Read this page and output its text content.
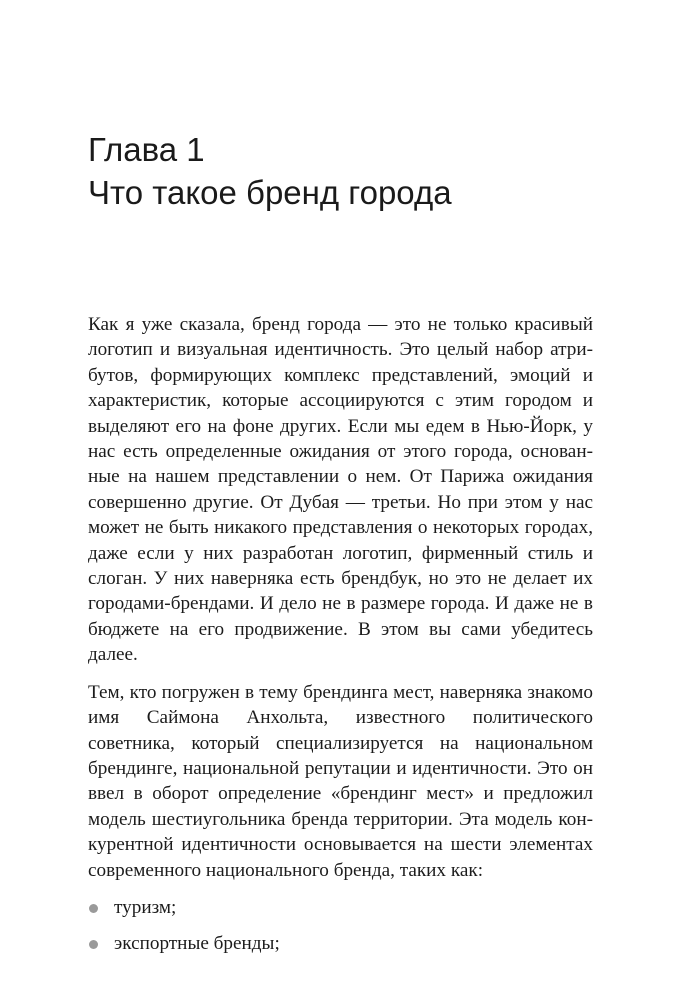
Глава 1
Что такое бренд города

Как я уже сказала, бренд города — это не только красивый логотип и визуальная идентичность. Это целый набор атрибутов, формирующих комплекс представлений, эмоций и характеристик, которые ассоциируются с этим городом и выделяют его на фоне других. Если мы едем в Нью-Йорк, у нас есть определенные ожидания от этого города, основанные на нашем представлении о нем. От Парижа ожидания совершенно другие. От Дубая — третьи. Но при этом у нас может не быть никакого представления о некоторых городах, даже если у них разработан логотип, фирменный стиль и слоган. У них наверняка есть брендбук, но это не делает их городами-брендами. И дело не в размере города. И даже не в бюджете на его продвижение. В этом вы сами убедитесь далее.

Тем, кто погружен в тему брендинга мест, наверняка знакомо имя Саймона Анхольта, известного политического советника, который специализируется на национальном брендинге, национальной репутации и идентичности. Это он ввел в оборот определение «брендинг мест» и предложил модель шестиугольника бренда территории. Эта модель конкурентной идентичности основывается на шести элементах современного национального бренда, таких как:

туризм;
экспортные бренды;
